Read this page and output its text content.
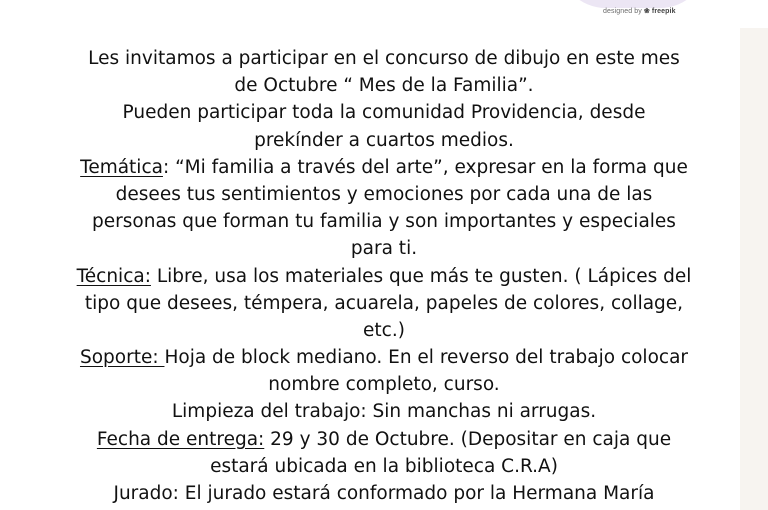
designed by ❀ freepik
Les invitamos a participar en el concurso de dibujo en este mes
de Octubre “ Mes de la Familia”.
Pueden participar toda la comunidad Providencia, desde
prekínder a cuartos medios.
Temática: “Mi familia a través del arte”, expresar en la forma que
desees tus sentimientos y emociones por cada una de las
personas que forman tu familia y son importantes y especiales
para ti.
Técnica: Libre, usa los materiales que más te gusten. ( Lápices del
tipo que desees, témpera, acuarela, papeles de colores, collage,
etc.)
Soporte: Hoja de block mediano. En el reverso del trabajo colocar
nombre completo, curso.
Limpieza del trabajo: Sin manchas ni arrugas.
Fecha de entrega: 29 y 30 de Octubre. (Depositar en caja que
estará ubicada en la biblioteca C.R.A)
Jurado: El jurado estará conformado por la Hermana María
